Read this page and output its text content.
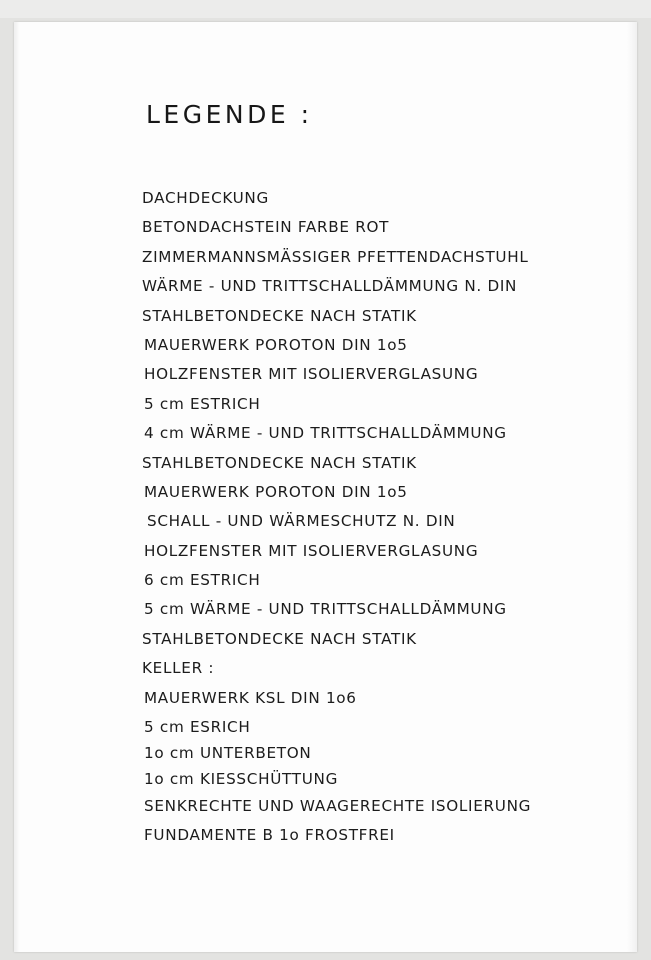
LEGENDE :
DACHDECKUNG
BETONDACHSTEIN FARBE ROT
ZIMMERMANNSMÄSSIGER PFETTENDACHSTUHL
WÄRME - UND TRITTSCHALLDÄMMUNG N. DIN
STAHLBETONDECKE NACH STATIK
MAUERWERK POROTON DIN 1o5
HOLZFENSTER MIT ISOLIERVERGLASUNG
5 cm ESTRICH
4 cm WÄRME - UND TRITTSCHALLDÄMMUNG
STAHLBETONDECKE NACH STATIK
MAUERWERK POROTON DIN 1o5
SCHALL - UND WÄRMESCHUTZ N. DIN
HOLZFENSTER MIT ISOLIERVERGLASUNG
6 cm ESTRICH
5 cm WÄRME - UND TRITTSCHALLDÄMMUNG
STAHLBETONDECKE NACH STATIK
KELLER :
MAUERWERK KSL DIN 1o6
5 cm ESRICH
1o cm UNTERBETON
1o cm KIESSCHÜTTUNG
SENKRECHTE UND WAAGERECHTE ISOLIERUNG
FUNDAMENTE B 1o FROSTFREI
